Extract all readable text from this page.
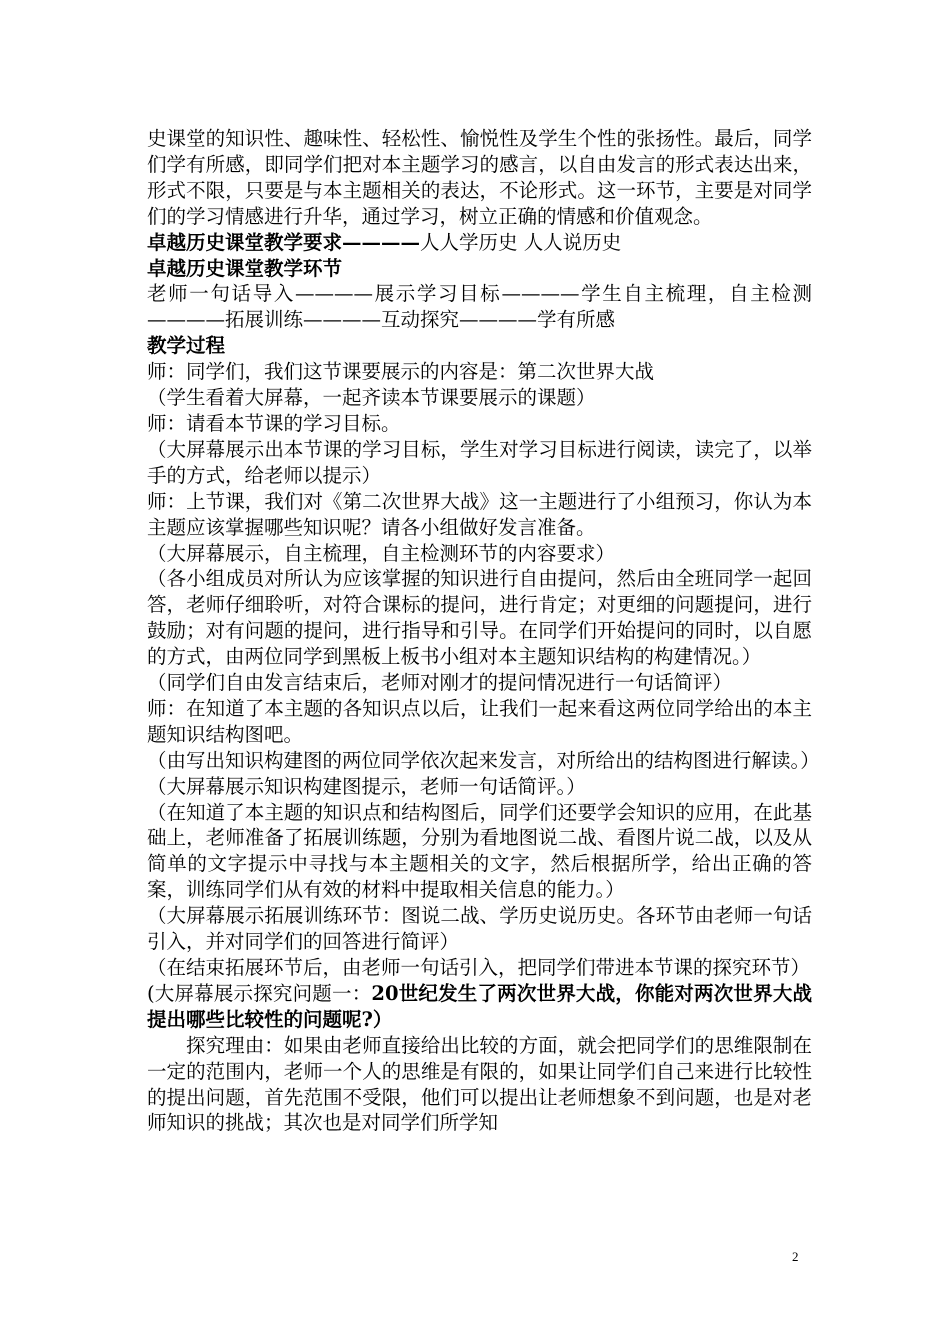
史课堂的知识性、趣味性、轻松性、愉悦性及学生个性的张扬性。最后，同学们学有所感，即同学们把对本主题学习的感言，以自由发言的形式表达出来，形式不限，只要是与本主题相关的表达，不论形式。这一环节，主要是对同学们的学习情感进行升华，通过学习，树立正确的情感和价值观念。

卓越历史课堂教学要求————人人学历史 人人说历史

卓越历史课堂教学环节

老师一句话导入————展示学习目标————学生自主梳理，自主检测————拓展训练————互动探究————学有所感

教学过程

师：同学们，我们这节课要展示的内容是：第二次世界大战

（学生看着大屏幕，一起齐读本节课要展示的课题）

师：请看本节课的学习目标。

（大屏幕展示出本节课的学习目标，学生对学习目标进行阅读，读完了，以举手的方式，给老师以提示）

师：上节课，我们对《第二次世界大战》这一主题进行了小组预习，你认为本主题应该掌握哪些知识呢？请各小组做好发言准备。

（大屏幕展示，自主梳理，自主检测环节的内容要求）

（各小组成员对所认为应该掌握的知识进行自由提问，然后由全班同学一起回答，老师仔细聆听，对符合课标的提问，进行肯定；对更细的问题提问，进行鼓励；对有问题的提问，进行指导和引导。在同学们开始提问的同时，以自愿的方式，由两位同学到黑板上板书小组对本主题知识结构的构建情况。）

（同学们自由发言结束后，老师对刚才的提问情况进行一句话简评）

师：在知道了本主题的各知识点以后，让我们一起来看这两位同学给出的本主题知识结构图吧。

（由写出知识构建图的两位同学依次起来发言，对所给出的结构图进行解读。）

（大屏幕展示知识构建图提示，老师一句话简评。）

（在知道了本主题的知识点和结构图后，同学们还要学会知识的应用，在此基础上，老师准备了拓展训练题，分别为看地图说二战、看图片说二战，以及从简单的文字提示中寻找与本主题相关的文字，然后根据所学，给出正确的答案，训练同学们从有效的材料中提取相关信息的能力。）

（大屏幕展示拓展训练环节：图说二战、学历史说历史。各环节由老师一句话引入，并对同学们的回答进行简评）

（在结束拓展环节后，由老师一句话引入，把同学们带进本节课的探究环节）

(大屏幕展示探究问题一：20世纪发生了两次世界大战，你能对两次世界大战提出哪些比较性的问题呢?）

探究理由：如果由老师直接给出比较的方面，就会把同学们的思维限制在一定的范围内，老师一个人的思维是有限的，如果让同学们自己来进行比较性的提出问题，首先范围不受限，他们可以提出让老师想象不到问题，也是对老师知识的挑战；其次也是对同学们所学知

2
